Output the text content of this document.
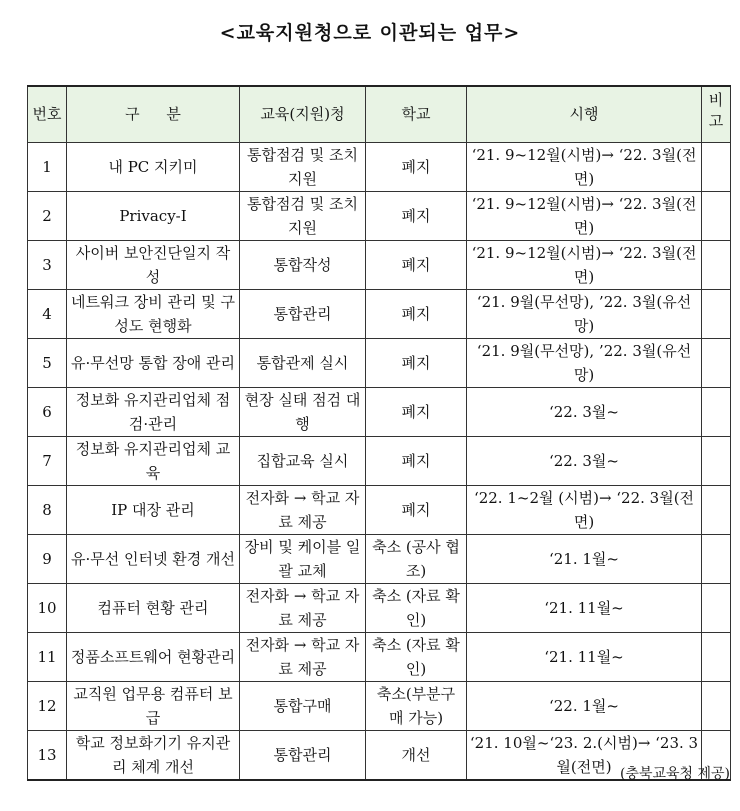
<교육지원청으로 이관되는 업무>
번호	구 분	교육(지원)청	학교	시행	비고
1	내 PC 지키미	통합점검 및 조치 지원	폐지	‘21. 9~12월(시범)→ ‘22. 3월(전면)	
2	Privacy-I	통합점검 및 조치 지원	폐지	‘21. 9~12월(시범)→ ‘22. 3월(전면)	
3	사이버 보안진단일지 작성	통합작성	폐지	‘21. 9~12월(시범)→ ‘22. 3월(전면)	
4	네트워크 장비 관리 및 구성도 현행화	통합관리	폐지	‘21. 9월(무선망), ’22. 3월(유선망)	
5	유·무선망 통합 장애 관리	통합관제 실시	폐지	‘21. 9월(무선망), ’22. 3월(유선망)	
6	정보화 유지관리업체 점검·관리	현장 실태 점검 대행	폐지	‘22. 3월~	
7	정보화 유지관리업체 교육	집합교육 실시	폐지	‘22. 3월~	
8	IP 대장 관리	전자화 → 학교 자료 제공	폐지	‘22. 1~2월 (시범)→ ‘22. 3월(전면)	
9	유·무선 인터넷 환경 개선	장비 및 케이블 일괄 교체	축소 (공사 협조)	‘21. 1월~	
10	컴퓨터 현황 관리	전자화 → 학교 자료 제공	축소 (자료 확인)	‘21. 11월~	
11	정품소프트웨어 현황관리	전자화 → 학교 자료 제공	축소 (자료 확인)	‘21. 11월~	
12	교직원 업무용 컴퓨터 보급	통합구매	축소(부분구 매 가능)	‘22. 1월~	
13	학교 정보화기기 유지관리 체계 개선	통합관리	개선	‘21. 10월~‘23. 2.(시범)→ ‘23. 3월(전면)	(충북교육청 제공)
